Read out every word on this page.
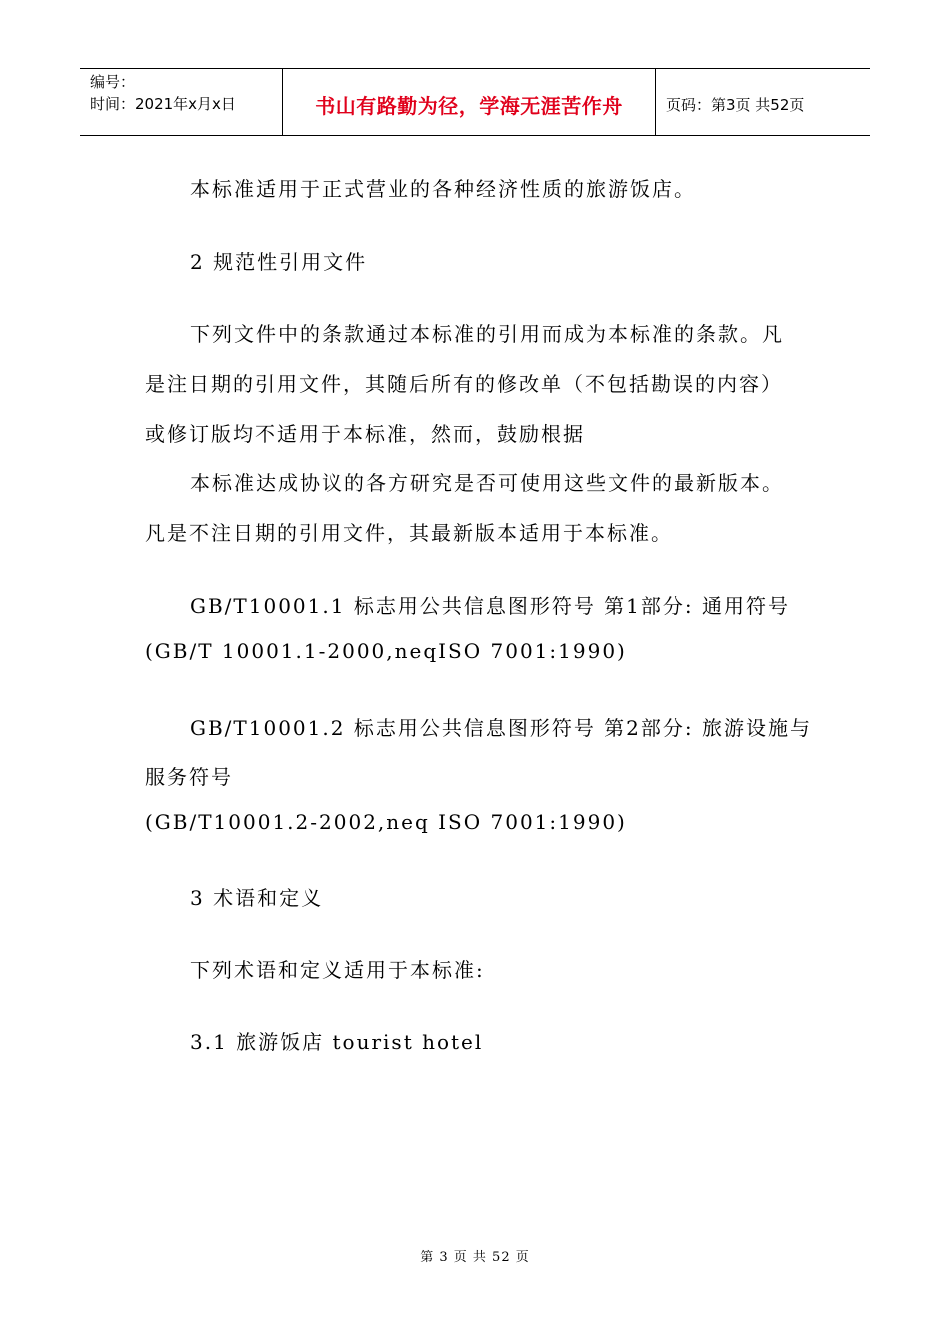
编号：
时间：2021年x月x日	书山有路勤为径，学海无涯苦作舟	页码：第3页 共52页
本标准适用于正式营业的各种经济性质的旅游饭店。
2 规范性引用文件
下列文件中的条款通过本标准的引用而成为本标准的条款。凡
是注日期的引用文件，其随后所有的修改单（不包括勘误的内容）
或修订版均不适用于本标准，然而，鼓励根据
本标准达成协议的各方研究是否可使用这些文件的最新版本。
凡是不注日期的引用文件，其最新版本适用于本标准。
GB/T10001.1 标志用公共信息图形符号 第1部分: 通用符号
(GB/T 10001.1-2000,neqISO 7001:1990)
GB/T10001.2 标志用公共信息图形符号 第2部分: 旅游设施与
服务符号
(GB/T10001.2-2002,neq ISO 7001:1990)
3 术语和定义
下列术语和定义适用于本标准:
3.1 旅游饭店 tourist hotel
第 3 页 共 52 页
